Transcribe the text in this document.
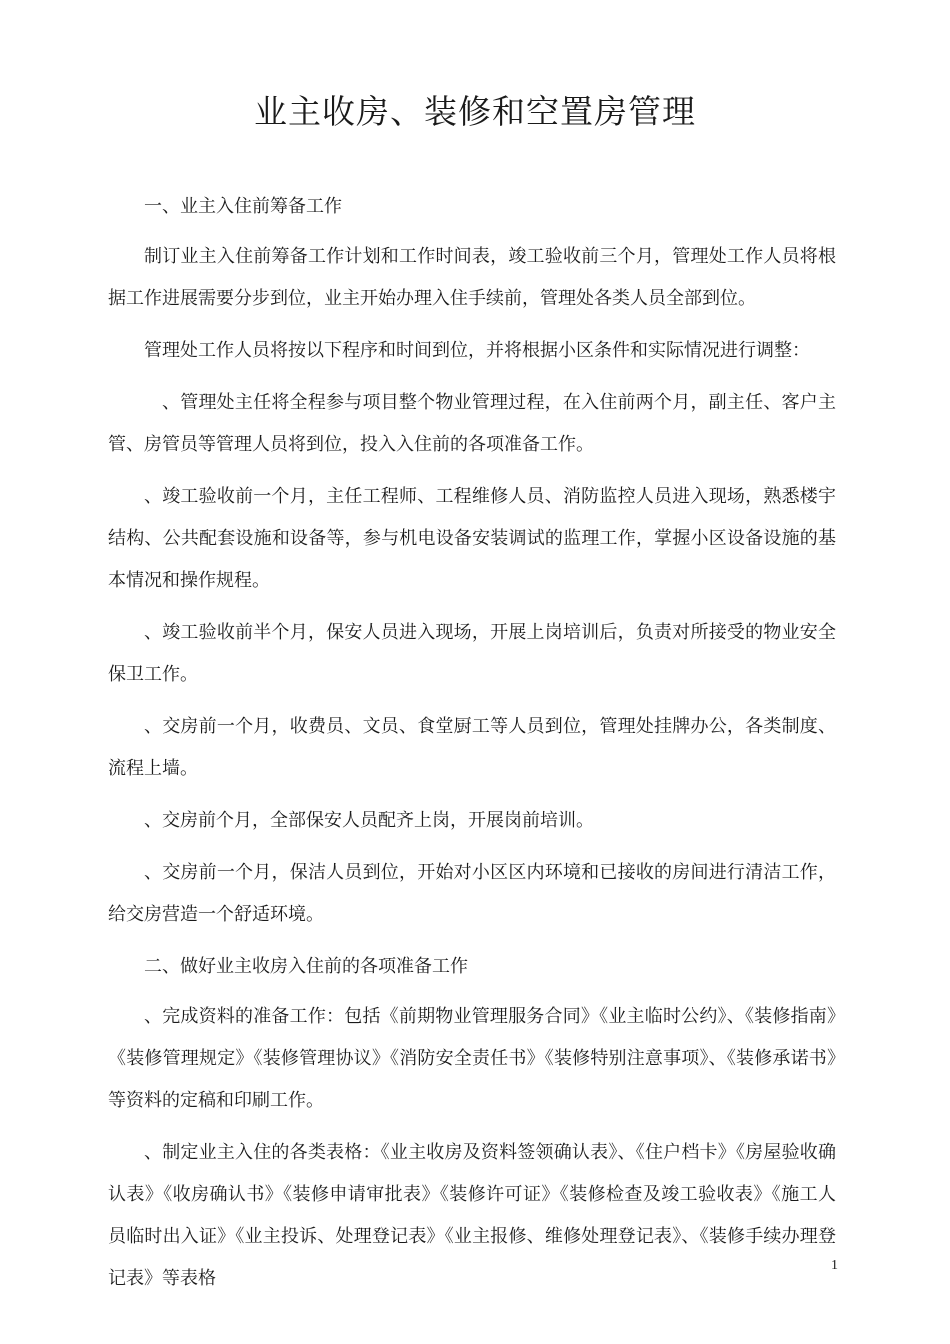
业主收房、装修和空置房管理

一、业主入住前筹备工作

制订业主入住前筹备工作计划和工作时间表，竣工验收前三个月，管理处工作人员将根据工作进展需要分步到位，业主开始办理入住手续前，管理处各类人员全部到位。

管理处工作人员将按以下程序和时间到位，并将根据小区条件和实际情况进行调整：

、管理处主任将全程参与项目整个物业管理过程，在入住前两个月，副主任、客户主管、房管员等管理人员将到位，投入入住前的各项准备工作。

、竣工验收前一个月，主任工程师、工程维修人员、消防监控人员进入现场，熟悉楼宇结构、公共配套设施和设备等，参与机电设备安装调试的监理工作，掌握小区设备设施的基本情况和操作规程。

、竣工验收前半个月，保安人员进入现场，开展上岗培训后，负责对所接受的物业安全保卫工作。

、交房前一个月，收费员、文员、食堂厨工等人员到位，管理处挂牌办公，各类制度、流程上墙。

、交房前个月，全部保安人员配齐上岗，开展岗前培训。

、交房前一个月，保洁人员到位，开始对小区区内环境和已接收的房间进行清洁工作，给交房营造一个舒适环境。

二、做好业主收房入住前的各项准备工作

、完成资料的准备工作：包括《前期物业管理服务合同》《业主临时公约》、《装修指南》《装修管理规定》《装修管理协议》《消防安全责任书》《装修特别注意事项》、《装修承诺书》等资料的定稿和印刷工作。

、制定业主入住的各类表格：《业主收房及资料签领确认表》、《住户档卡》《房屋验收确认表》《收房确认书》《装修申请审批表》《装修许可证》《装修检查及竣工验收表》《施工人员临时出入证》《业主投诉、处理登记表》《业主报修、维修处理登记表》、《装修手续办理登记表》等表格

1
